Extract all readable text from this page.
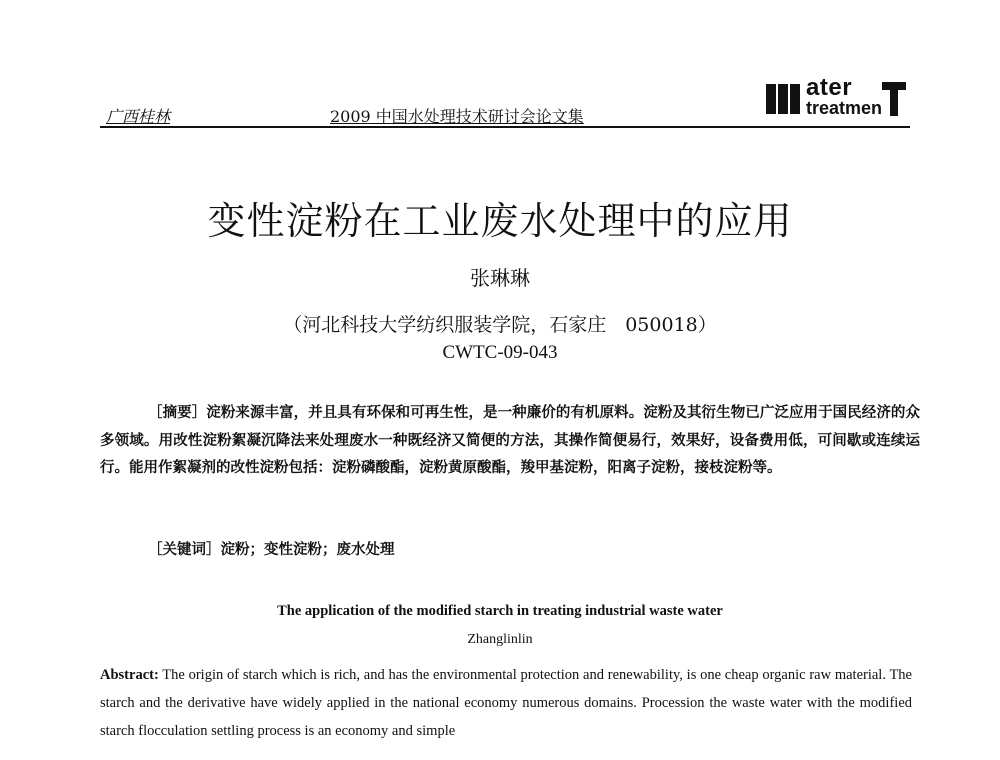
广西桂林	2009 中国水处理技术研讨会论文集
ater
treatmen
变性淀粉在工业废水处理中的应用
张琳琳
（河北科技大学纺织服装学院，石家庄　050018）
CWTC-09-043
［摘要］淀粉来源丰富，并且具有环保和可再生性，是一种廉价的有机原料。淀粉及其衍生物已广泛应用于国民经济的众多领域。用改性淀粉絮凝沉降法来处理废水一种既经济又简便的方法，其操作简便易行，效果好，设备费用低，可间歇或连续运行。能用作絮凝剂的改性淀粉包括：淀粉磷酸酯，淀粉黄原酸酯，羧甲基淀粉，阳离子淀粉，接枝淀粉等。
［关键词］淀粉；变性淀粉；废水处理
The application of the modified starch in treating industrial waste water
Zhanglinlin
Abstract: The origin of starch which is rich, and has the environmental protection and renewability, is one cheap organic raw material. The starch and the derivative have widely applied in the national economy numerous domains. Procession the waste water with the modified starch flocculation settling process is an economy and simple
